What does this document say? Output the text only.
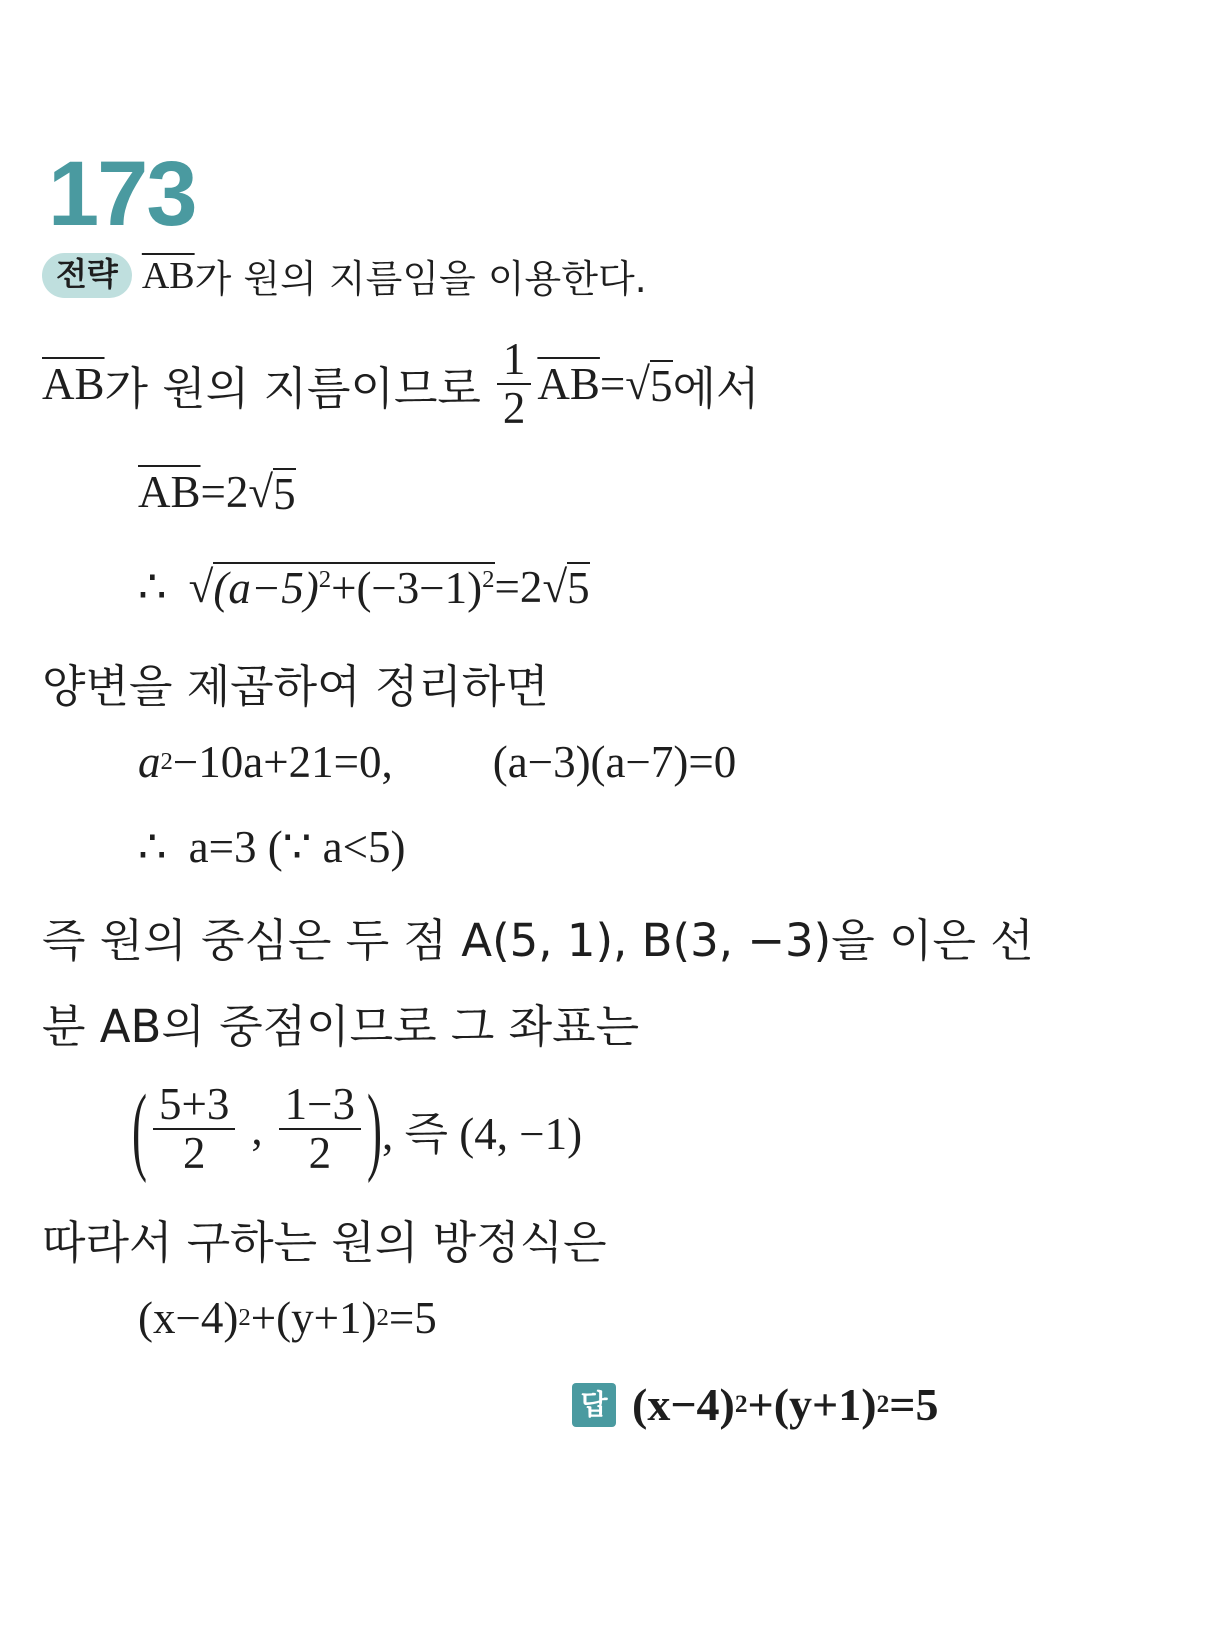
173
전략 $\overline{AB}$ 가 원의 지름임을 이용한다.
$\overline{AB}$ 가 원의 지름이므로 $\frac{1}{2} \overline{AB}$ = √ 5 에서
$\overline{AB} =2$ √ 5
∴ √ $(a-5)^2+(-3-1)^2 =2$ √ 5
양변을 제곱하여 정리하면
a 2 −10a+21=0, (a−3)(a−7)=0
∴ a=3 (∵ a<5)
즉 원의 중심은 두 점 A(5, 1), B(3, −3)을 이은 선
분 AB의 중점이므로 그 좌표는
( $\frac{5+3}{2}$ , $\frac{1-3}{2}$ ) , 즉 (4, −1)
따라서 구하는 원의 방정식은
(x−4) 2 +(y+1) 2 =5
답 (x−4) 2 +(y+1) 2 =5
